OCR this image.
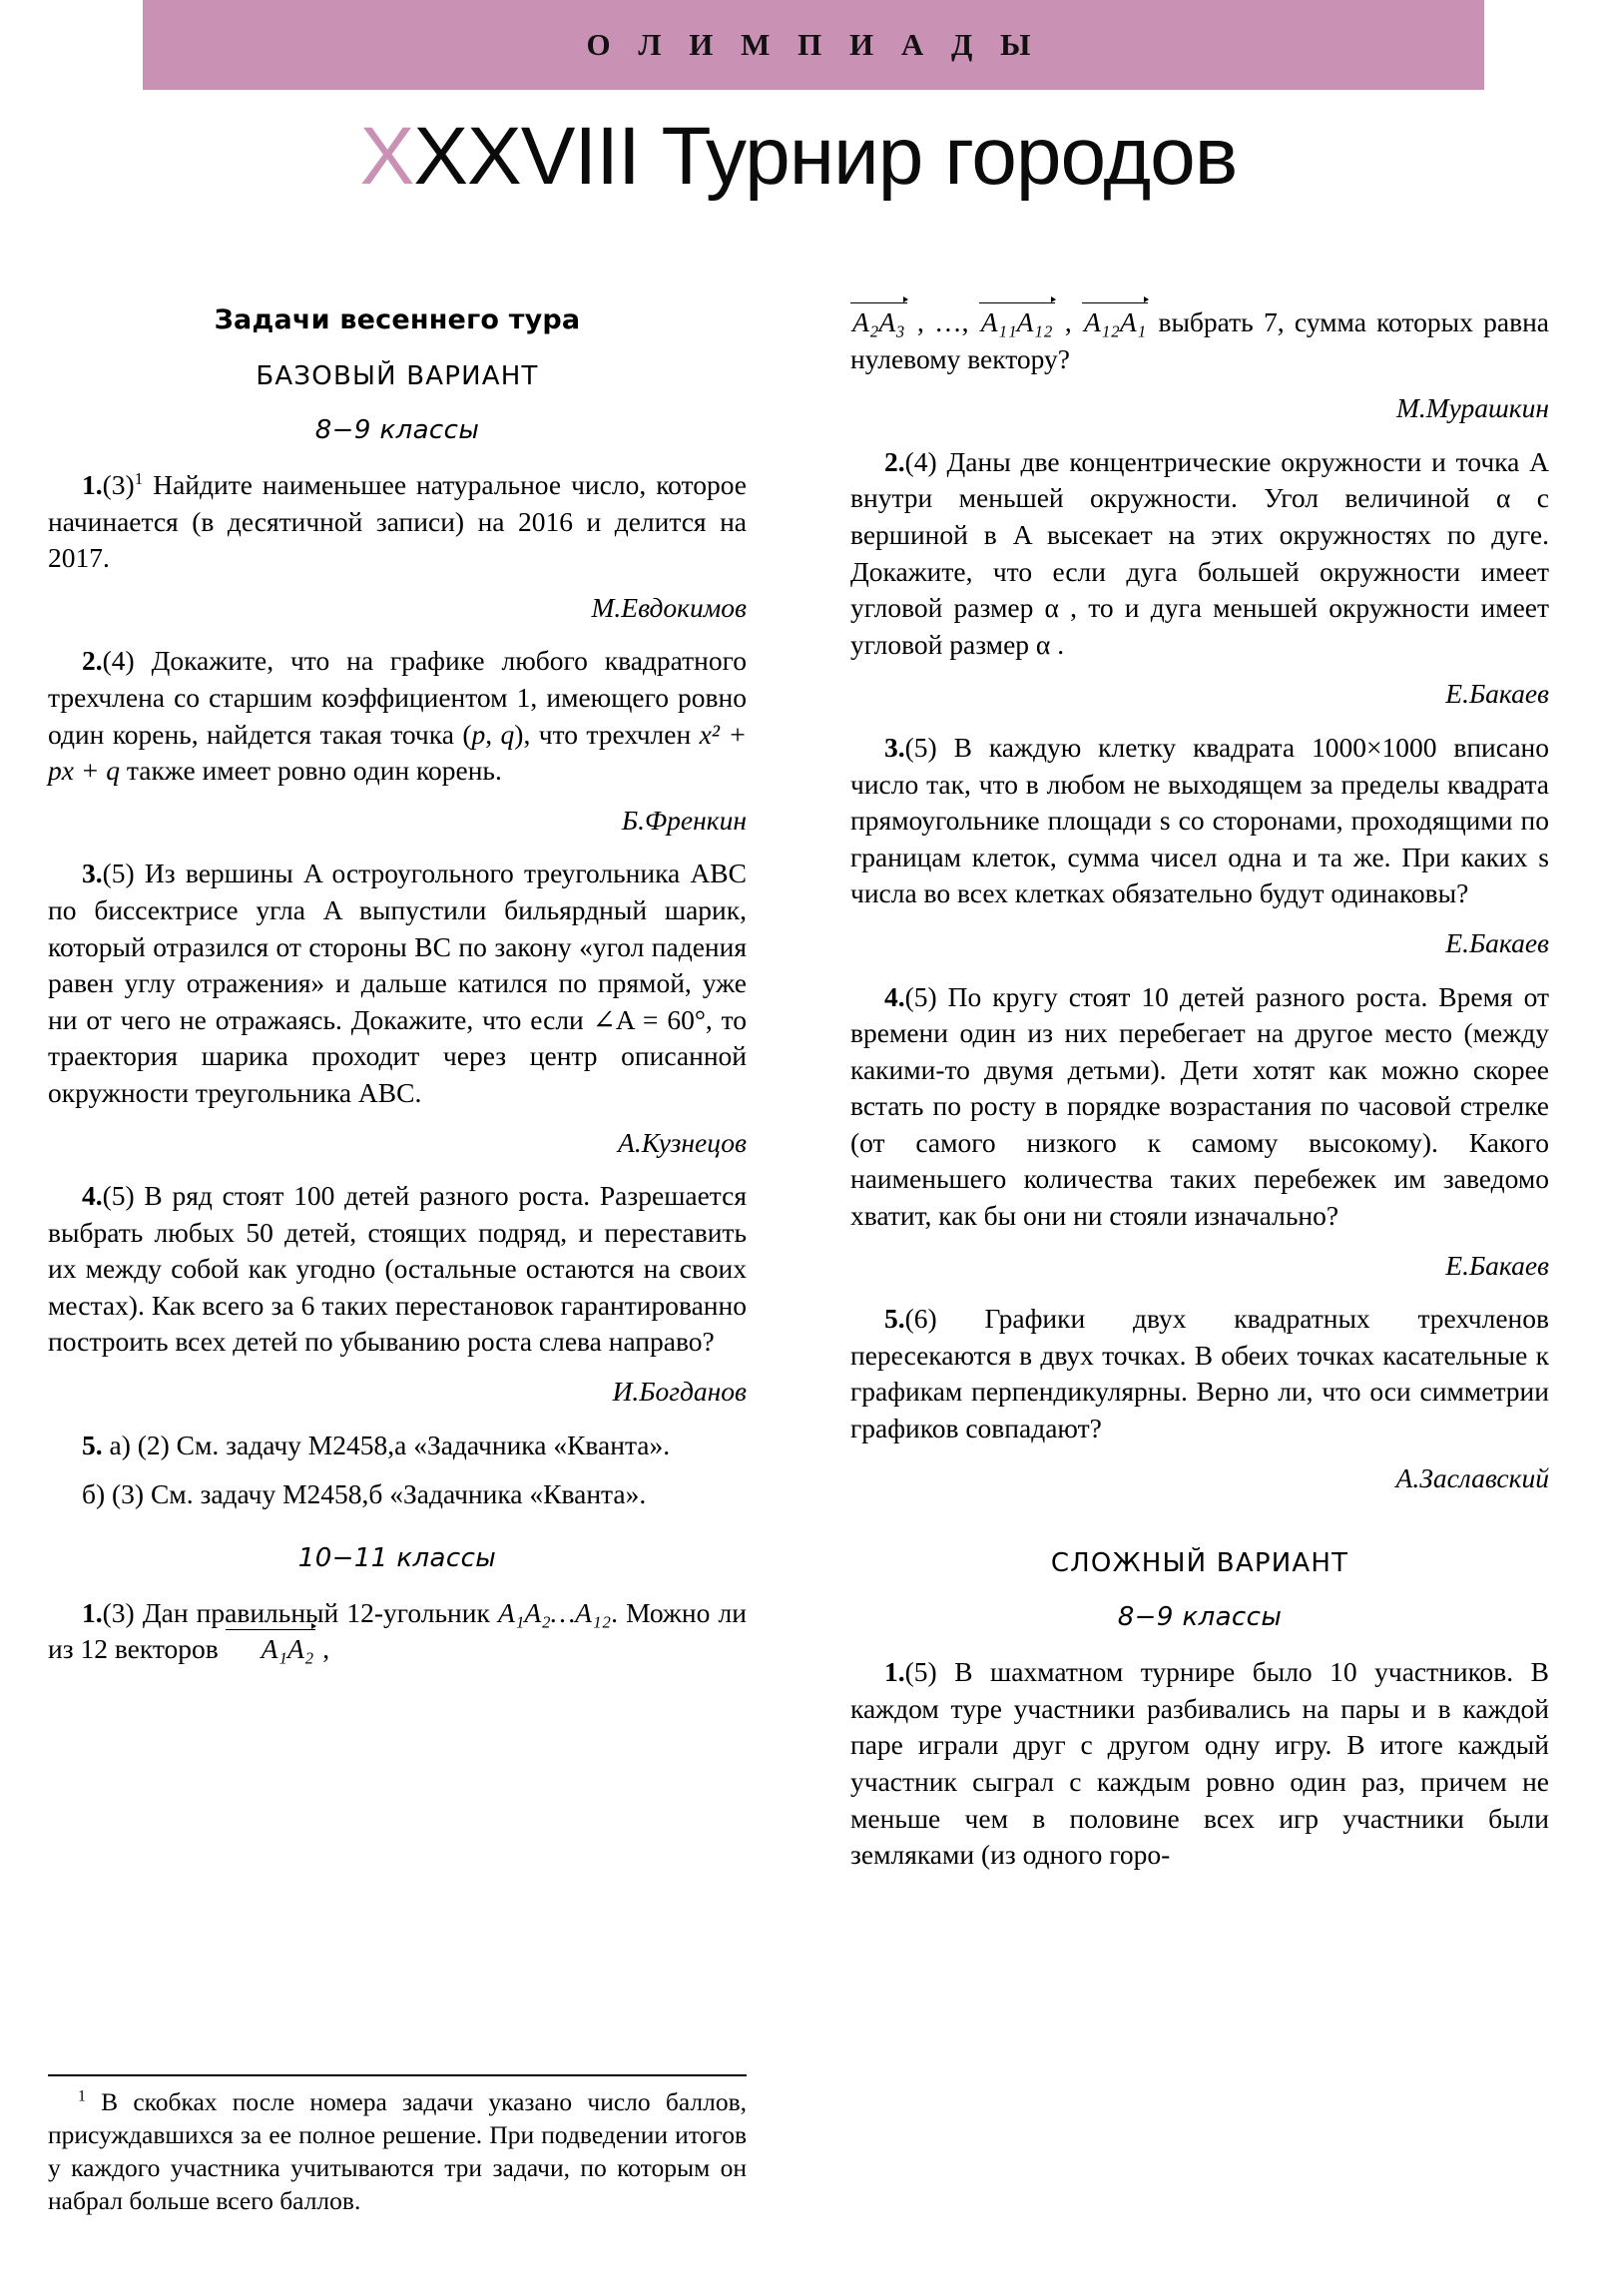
О Л И М П И А Д Ы
XXXVIII Турнир городов
Задачи весеннего тура
БАЗОВЫЙ ВАРИАНТ
8−9 классы

$1.(3)^1$ Найдите наименьшее натуральное число, которое начинается (в десятичной записи) на 2016 и делится на 2017.

М.Евдокимов

2.(4) Докажите, что на графике любого квадратного трехчлена со старшим коэффициентом 1, имеющего ровно один корень, найдется такая точка (p, q), что трехчлен x² + px + q также имеет ровно один корень.

Б.Френкин

3.(5) Из вершины A остроугольного треугольника ABC по биссектрисе угла A выпустили бильярдный шарик, который отразился от стороны BC по закону «угол падения равен углу отражения» и дальше катился по прямой, уже ни от чего не отражаясь. Докажите, что если ∠A = 60°, то траектория шарика проходит через центр описанной окружности треугольника ABC.

А.Кузнецов

4.(5) В ряд стоят 100 детей разного роста. Разрешается выбрать любых 50 детей, стоящих подряд, и переставить их между собой как угодно (остальные остаются на своих местах). Как всего за 6 таких перестановок гарантированно построить всех детей по убыванию роста слева направо?

И.Богданов

5. а) (2) См. задачу М2458,а «Задачника «Кванта».

б) (3) См. задачу М2458,б «Задачника «Кванта».

10−11 классы

1.(3) Дан правильный 12-угольник A₁A₂…A₁₂. Можно ли из 12 векторов A₁A₂ ,

A₂A₃ , …, A₁₁A₁₂ , A₁₂A₁ выбрать 7, сумма которых равна нулевому вектору?

М.Мурашкин

2.(4) Даны две концентрические окружности и точка A внутри меньшей окружности. Угол величиной α с вершиной в A высекает на этих окружностях по дуге. Докажите, что если дуга большей окружности имеет угловой размер α , то и дуга меньшей окружности имеет угловой размер α .

Е.Бакаев

3.(5) В каждую клетку квадрата 1000×1000 вписано число так, что в любом не выходящем за пределы квадрата прямоугольнике площади s со сторонами, проходящими по границам клеток, сумма чисел одна и та же. При каких s числа во всех клетках обязательно будут одинаковы?

Е.Бакаев

4.(5) По кругу стоят 10 детей разного роста. Время от времени один из них перебегает на другое место (между какими-то двумя детьми). Дети хотят как можно скорее встать по росту в порядке возрастания по часовой стрелке (от самого низкого к самому высокому). Какого наименьшего количества таких перебежек им заведомо хватит, как бы они ни стояли изначально?

Е.Бакаев

5.(6) Графики двух квадратных трехчленов пересекаются в двух точках. В обеих точках касательные к графикам перпендикулярны. Верно ли, что оси симметрии графиков совпадают?

А.Заславский

СЛОЖНЫЙ ВАРИАНТ
8−9 классы

1.(5) В шахматном турнире было 10 участников. В каждом туре участники разбивались на пары и в каждой паре играли друг с другом одну игру. В итоге каждый участник сыграл с каждым ровно один раз, причем не меньше чем в половине всех игр участники были земляками (из одного горо-

$^1$ В скобках после номера задачи указано число баллов, присуждавшихся за ее полное решение. При подведении итогов у каждого участника учитываются три задачи, по которым он набрал больше всего баллов.
